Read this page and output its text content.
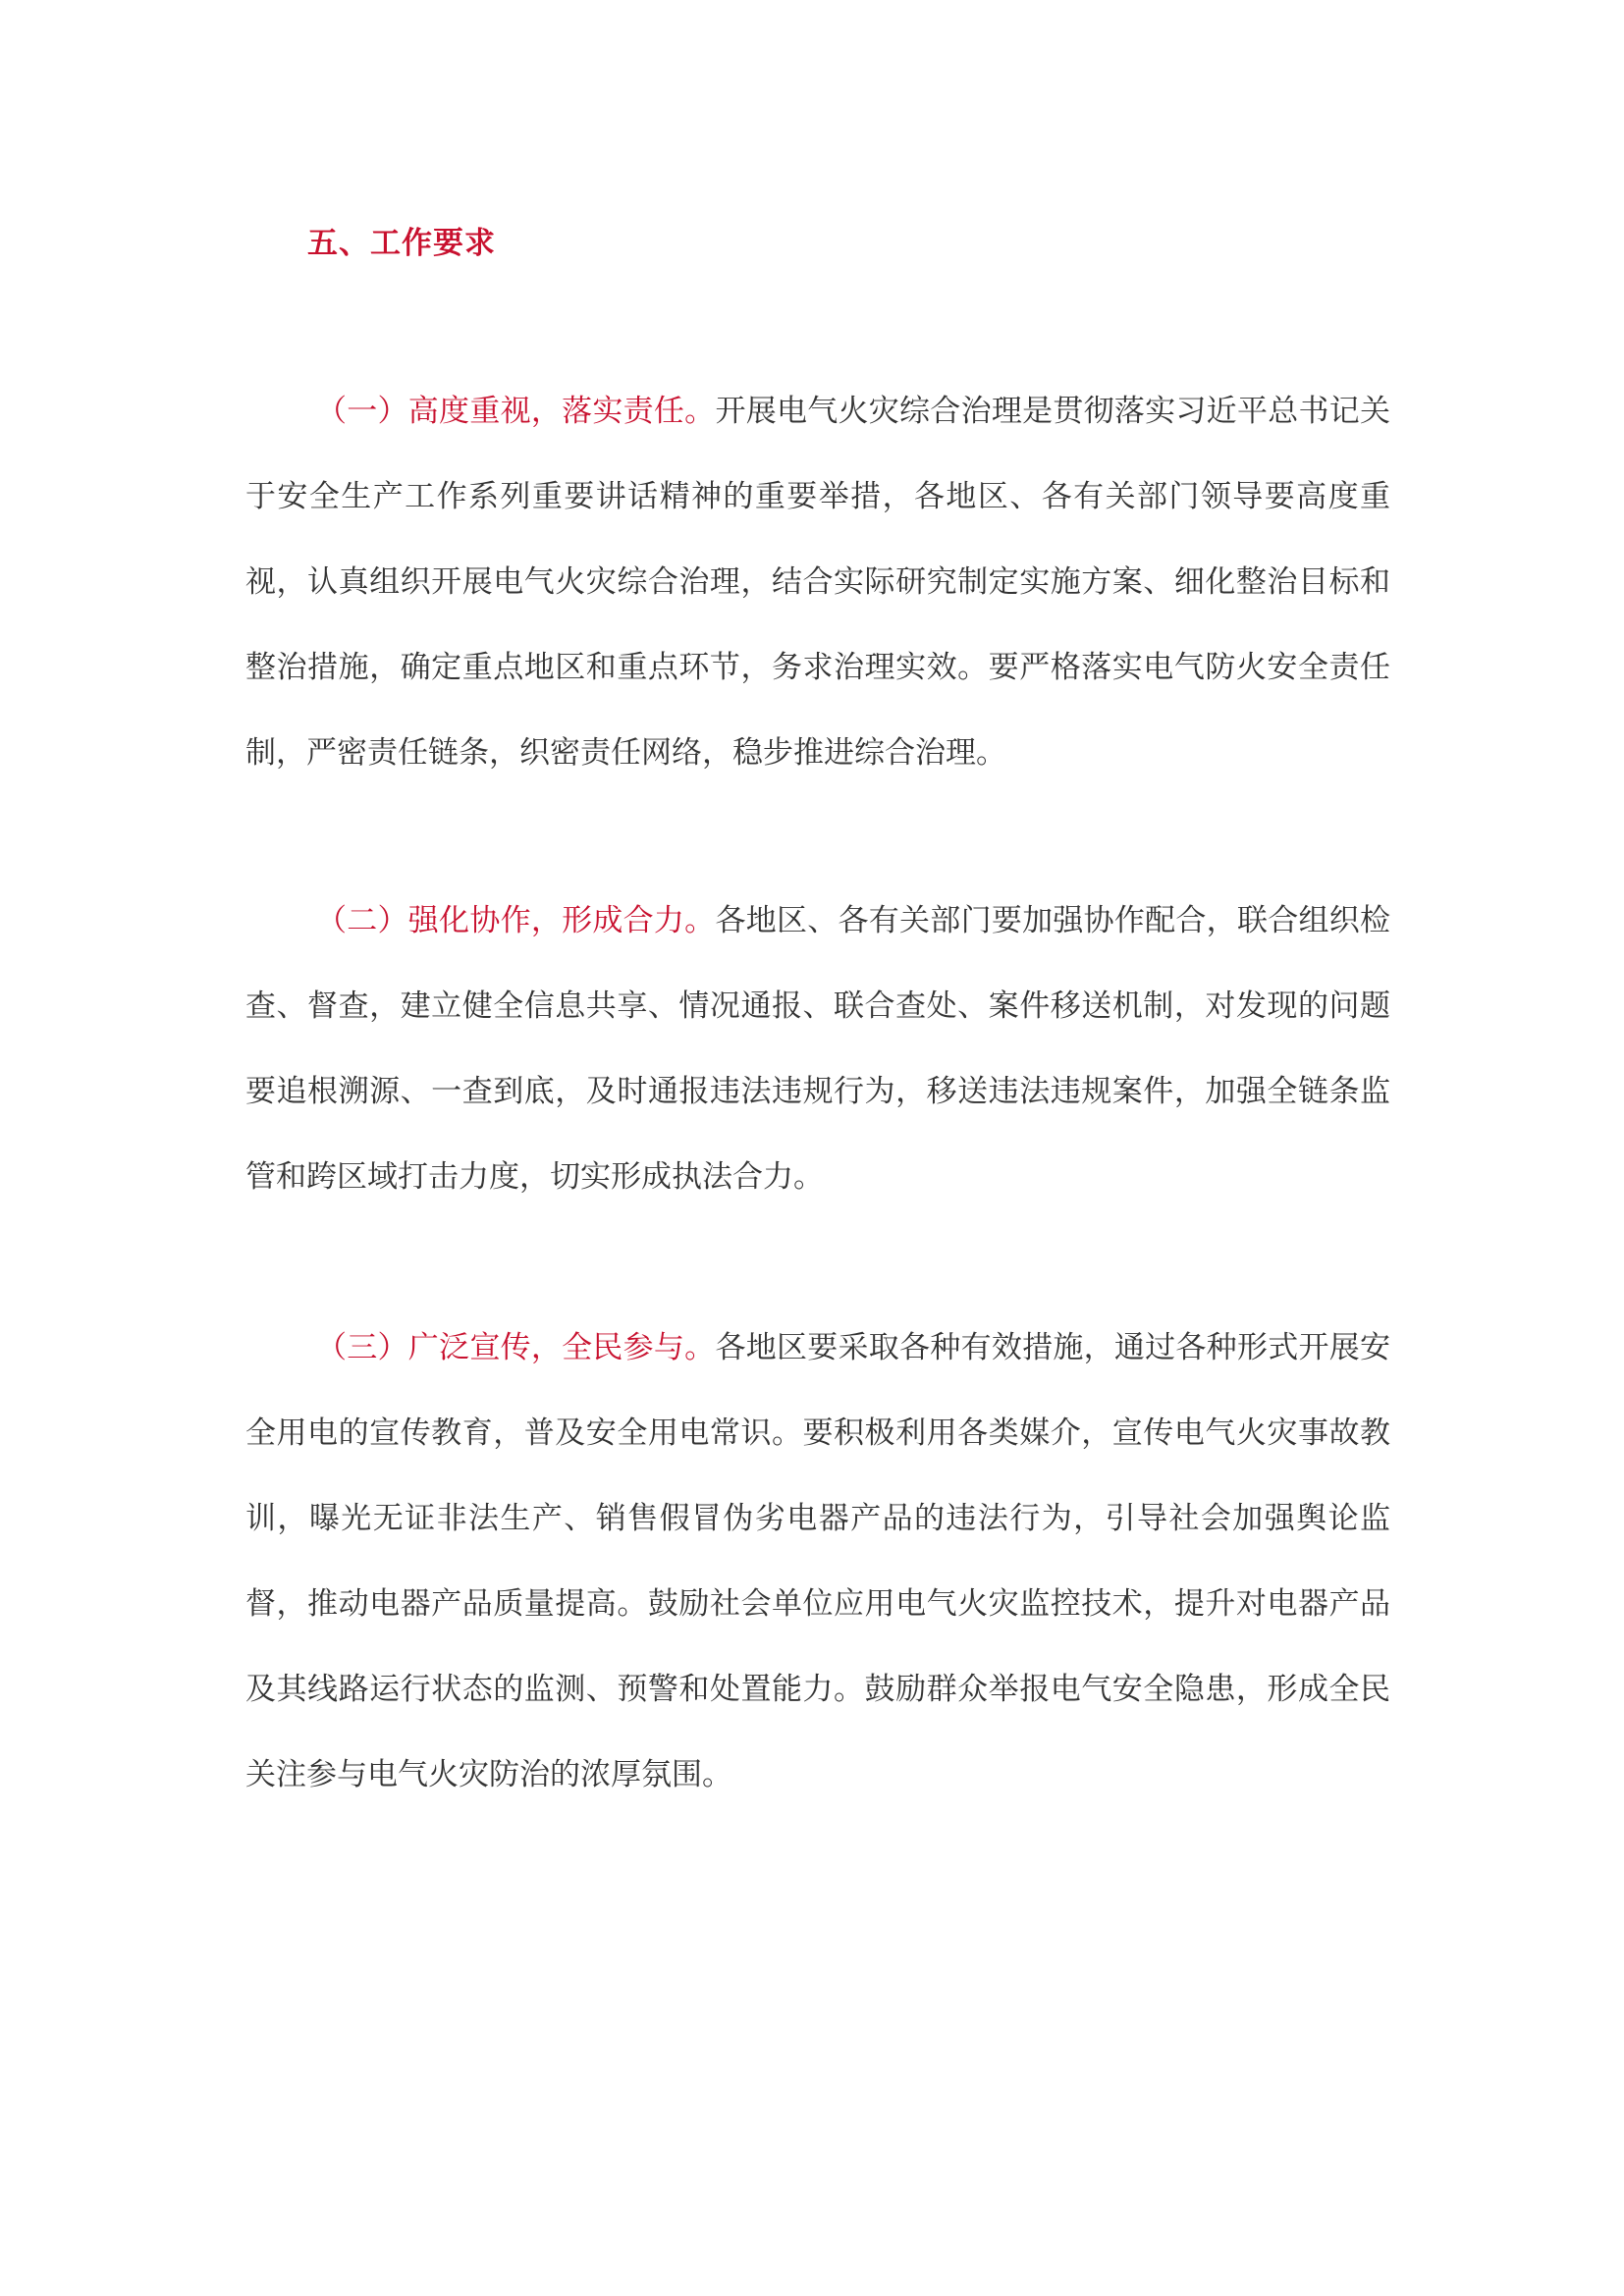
五、工作要求

（一）高度重视，落实责任。开展电气火灾综合治理是贯彻落实习近平总书记关于安全生产工作系列重要讲话精神的重要举措，各地区、各有关部门领导要高度重视，认真组织开展电气火灾综合治理，结合实际研究制定实施方案、细化整治目标和整治措施，确定重点地区和重点环节，务求治理实效。要严格落实电气防火安全责任制，严密责任链条，织密责任网络，稳步推进综合治理。

（二）强化协作，形成合力。各地区、各有关部门要加强协作配合，联合组织检查、督查，建立健全信息共享、情况通报、联合查处、案件移送机制，对发现的问题要追根溯源、一查到底，及时通报违法违规行为，移送违法违规案件，加强全链条监管和跨区域打击力度，切实形成执法合力。

（三）广泛宣传，全民参与。各地区要采取各种有效措施，通过各种形式开展安全用电的宣传教育，普及安全用电常识。要积极利用各类媒介，宣传电气火灾事故教训，曝光无证非法生产、销售假冒伪劣电器产品的违法行为，引导社会加强舆论监督，推动电器产品质量提高。鼓励社会单位应用电气火灾监控技术，提升对电器产品及其线路运行状态的监测、预警和处置能力。鼓励群众举报电气安全隐患，形成全民关注参与电气火灾防治的浓厚氛围。
